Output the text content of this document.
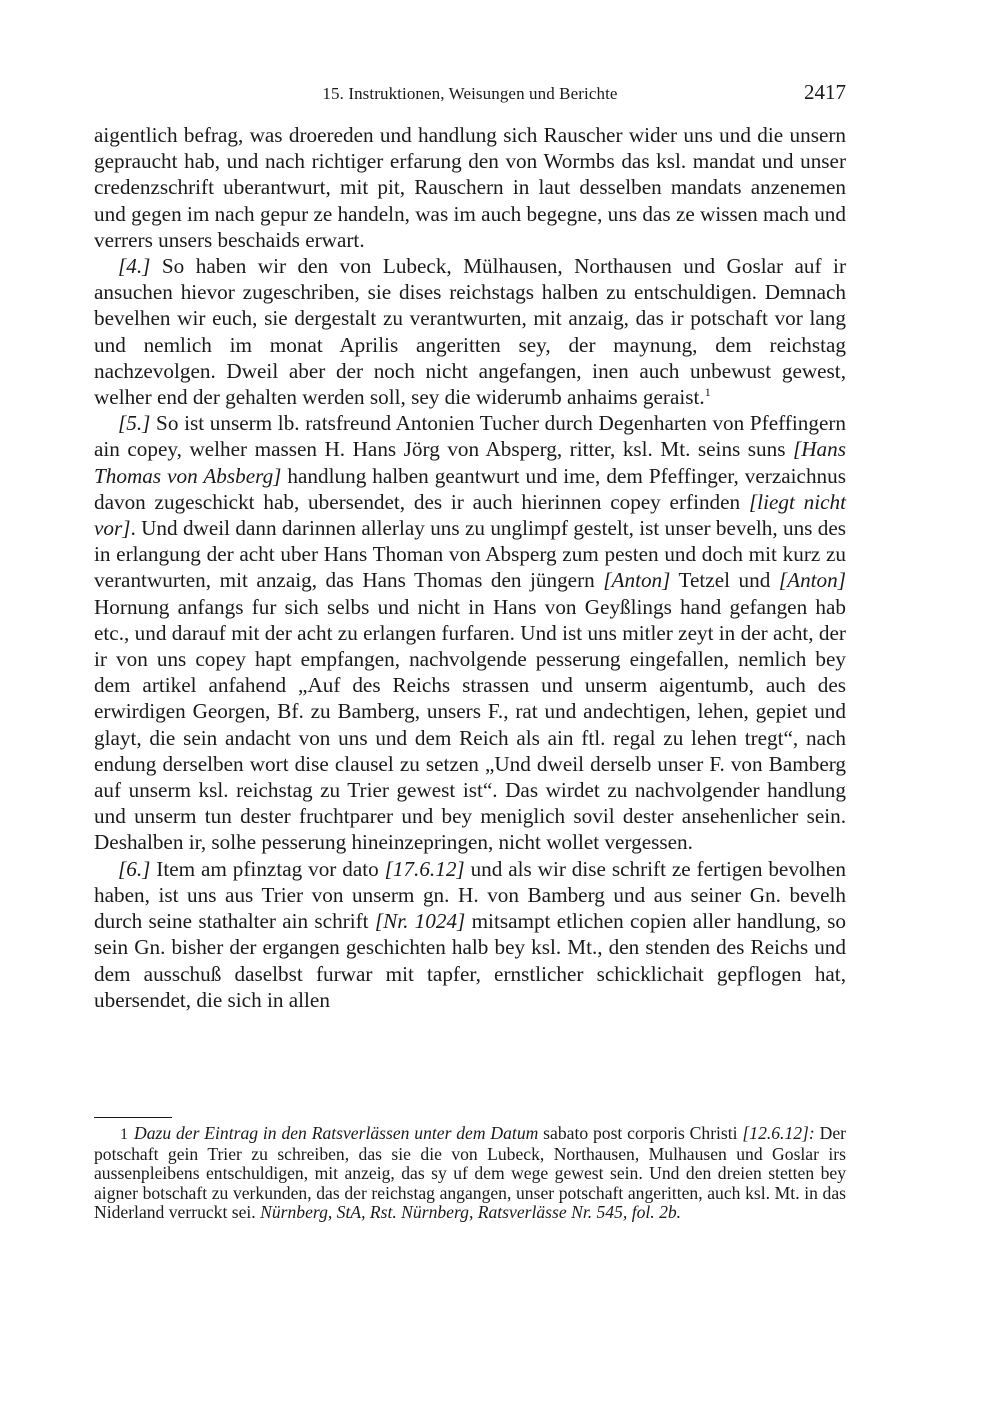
15. Instruktionen, Weisungen und Berichte	2417

aigentlich befrag, was droereden und handlung sich Rauscher wider uns und die unsern gepraucht hab, und nach richtiger erfarung den von Wormbs das ksl. mandat und unser credenzschrift uberantwurt, mit pit, Rauschern in laut desselben mandats anzenemen und gegen im nach gepur ze handeln, was im auch begegne, uns das ze wissen mach und verrers unsers beschaids erwart.

[4.] So haben wir den von Lubeck, Mülhausen, Northausen und Goslar auf ir ansuchen hievor zugeschriben, sie dises reichstags halben zu entschuldigen. Demnach bevelhen wir euch, sie dergestalt zu verantwurten, mit anzaig, das ir potschaft vor lang und nemlich im monat Aprilis angeritten sey, der maynung, dem reichstag nachzevolgen. Dweil aber der noch nicht angefangen, inen auch unbewust gewest, welher end der gehalten werden soll, sey die widerumb anhaims geraist.$^1$

[5.] So ist unserm lb. ratsfreund Antonien Tucher durch Degenharten von Pfeffingern ain copey, welher massen H. Hans Jörg von Absperg, ritter, ksl. Mt. seins suns [Hans Thomas von Absberg] handlung halben geantwurt und ime, dem Pfeffinger, verzaichnus davon zugeschickt hab, ubersendet, des ir auch hierinnen copey erfinden [liegt nicht vor]. Und dweil dann darinnen allerlay uns zu unglimpf gestelt, ist unser bevelh, uns des in erlangung der acht uber Hans Thoman von Absperg zum pesten und doch mit kurz zu verantwurten, mit anzaig, das Hans Thomas den jüngern [Anton] Tetzel und [Anton] Hornung anfangs fur sich selbs und nicht in Hans von Geyßlings hand gefangen hab etc., und darauf mit der acht zu erlangen furfaren. Und ist uns mitler zeyt in der acht, der ir von uns copey hapt empfangen, nachvolgende pesserung eingefallen, nemlich bey dem artikel anfahend „Auf des Reichs strassen und unserm aigentumb, auch des erwirdigen Georgen, Bf. zu Bamberg, unsers F., rat und andechtigen, lehen, gepiet und glayt, die sein andacht von uns und dem Reich als ain ftl. regal zu lehen tregt“, nach endung derselben wort dise clausel zu setzen „Und dweil derselb unser F. von Bamberg auf unserm ksl. reichstag zu Trier gewest ist“. Das wirdet zu nachvolgender handlung und unserm tun dester fruchtparer und bey meniglich sovil dester ansehenlicher sein. Deshalben ir, solhe pesserung hineinzepringen, nicht wollet vergessen.

[6.] Item am pfinztag vor dato [17.6.12] und als wir dise schrift ze fertigen bevolhen haben, ist uns aus Trier von unserm gn. H. von Bamberg und aus seiner Gn. bevelh durch seine stathalter ain schrift [Nr. 1024] mitsampt etlichen copien aller handlung, so sein Gn. bisher der ergangen geschichten halb bey ksl. Mt., den stenden des Reichs und dem ausschuß daselbst furwar mit tapfer, ernstlicher schicklichait gepflogen hat, ubersendet, die sich in allen

1 Dazu der Eintrag in den Ratsverlässen unter dem Datum sabato post corporis Christi [12.6.12]: Der potschaft gein Trier zu schreiben, das sie die von Lubeck, Northausen, Mulhausen und Goslar irs aussenpleibens entschuldigen, mit anzeig, das sy uf dem wege gewest sein. Und den dreien stetten bey aigner botschaft zu verkunden, das der reichstag angangen, unser potschaft angeritten, auch ksl. Mt. in das Niderland verruckt sei. Nürnberg, StA, Rst. Nürnberg, Ratsverlässe Nr. 545, fol. 2b.
